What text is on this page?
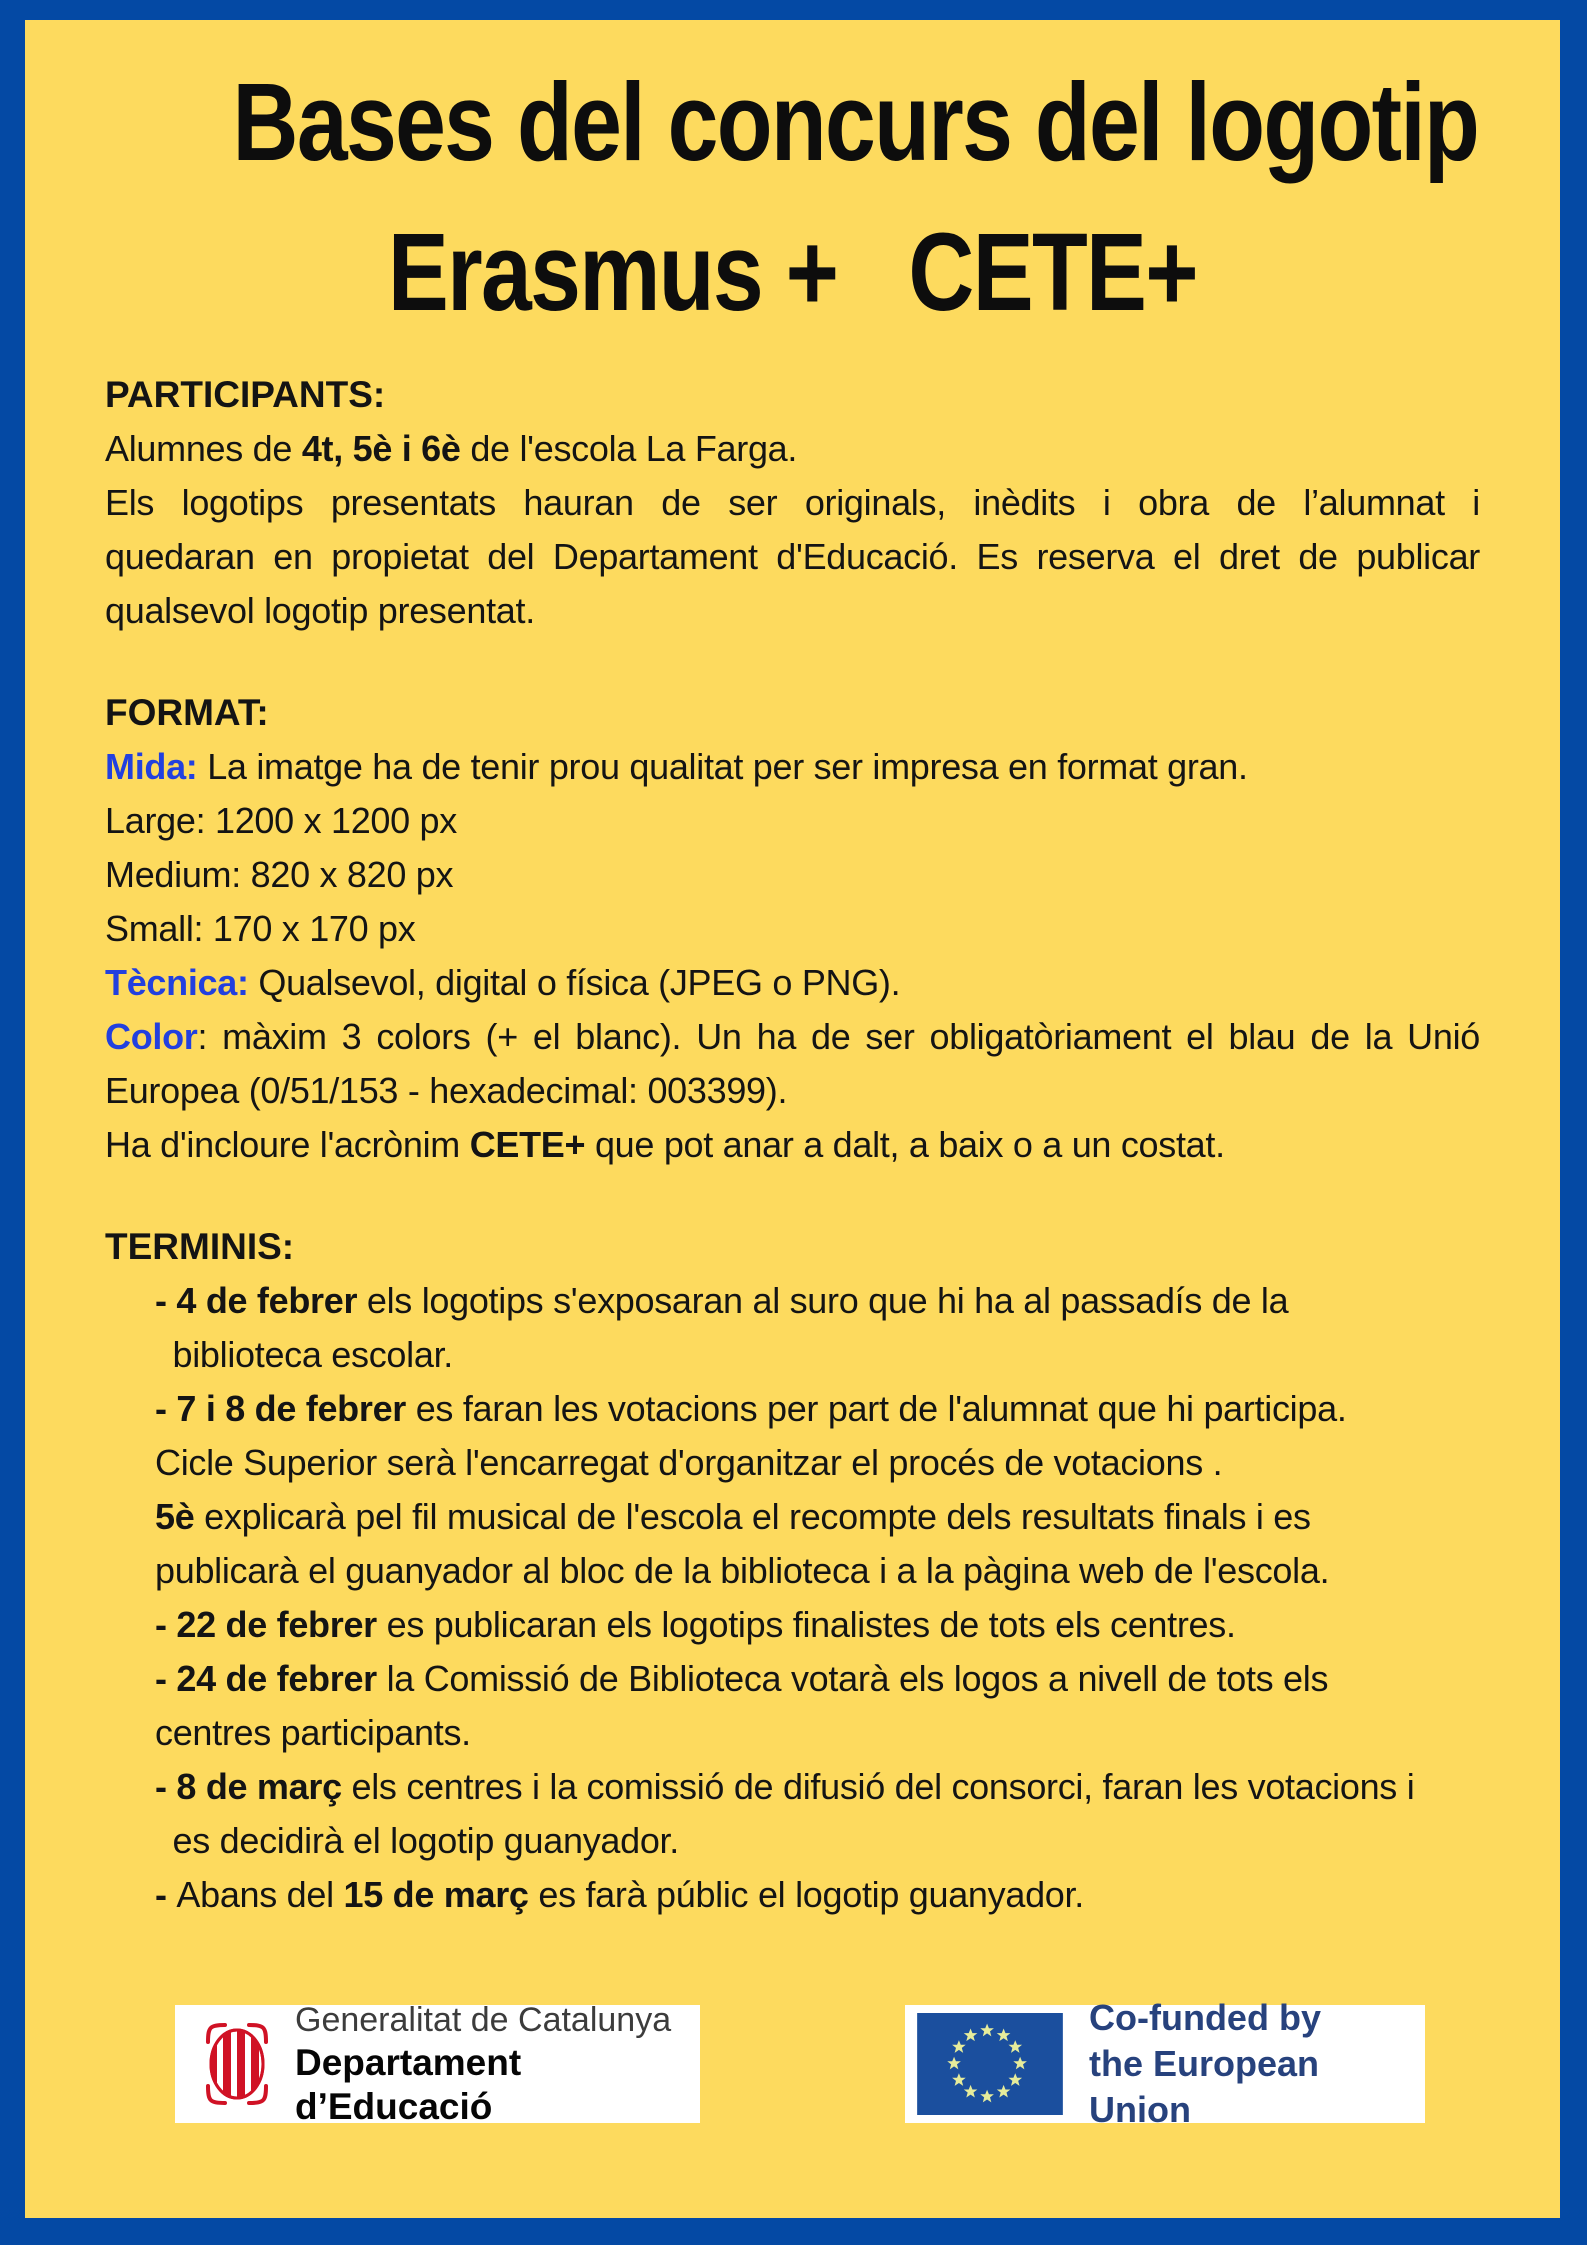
Bases del concurs del logotip
Erasmus +   CETE+
PARTICIPANTS:
Alumnes de 4t, 5è i 6è de l'escola La Farga.
Els logotips presentats hauran de ser originals, inèdits i obra de l’alumnat i
quedaran en propietat del Departament d'Educació. Es reserva el dret de publicar
qualsevol logotip presentat.
FORMAT:
Mida: La imatge ha de tenir prou qualitat per ser impresa en format gran.
Large: 1200 x 1200 px
Medium: 820 x 820 px
Small: 170 x 170 px
Tècnica: Qualsevol, digital o física (JPEG o PNG).
Color: màxim 3 colors (+ el blanc). Un ha de ser obligatòriament el blau de la Unió
Europea (0/51/153 - hexadecimal: 003399).
Ha d'incloure l'acrònim CETE+ que pot anar a dalt, a baix o a un costat.
TERMINIS:
- 4 de febrer els logotips s'exposaran al suro que hi ha al passadís de la
biblioteca escolar.
- 7 i 8 de febrer es faran les votacions per part de l'alumnat que hi participa.
Cicle Superior serà l'encarregat d'organitzar el procés de votacions .
5è explicarà pel fil musical de l'escola el recompte dels resultats finals i es
publicarà el guanyador al bloc de la biblioteca i a la pàgina web de l'escola.
- 22 de febrer es publicaran els logotips finalistes de tots els centres.
- 24 de febrer la Comissió de Biblioteca votarà els logos a nivell de tots els
centres participants.
- 8 de març els centres i la comissió de difusió del consorci, faran les votacions i
es decidirà el logotip guanyador.
- Abans del 15 de març es farà públic el logotip guanyador.
Generalitat de Catalunya
Departament d’Educació
Co-funded by
the European Union
